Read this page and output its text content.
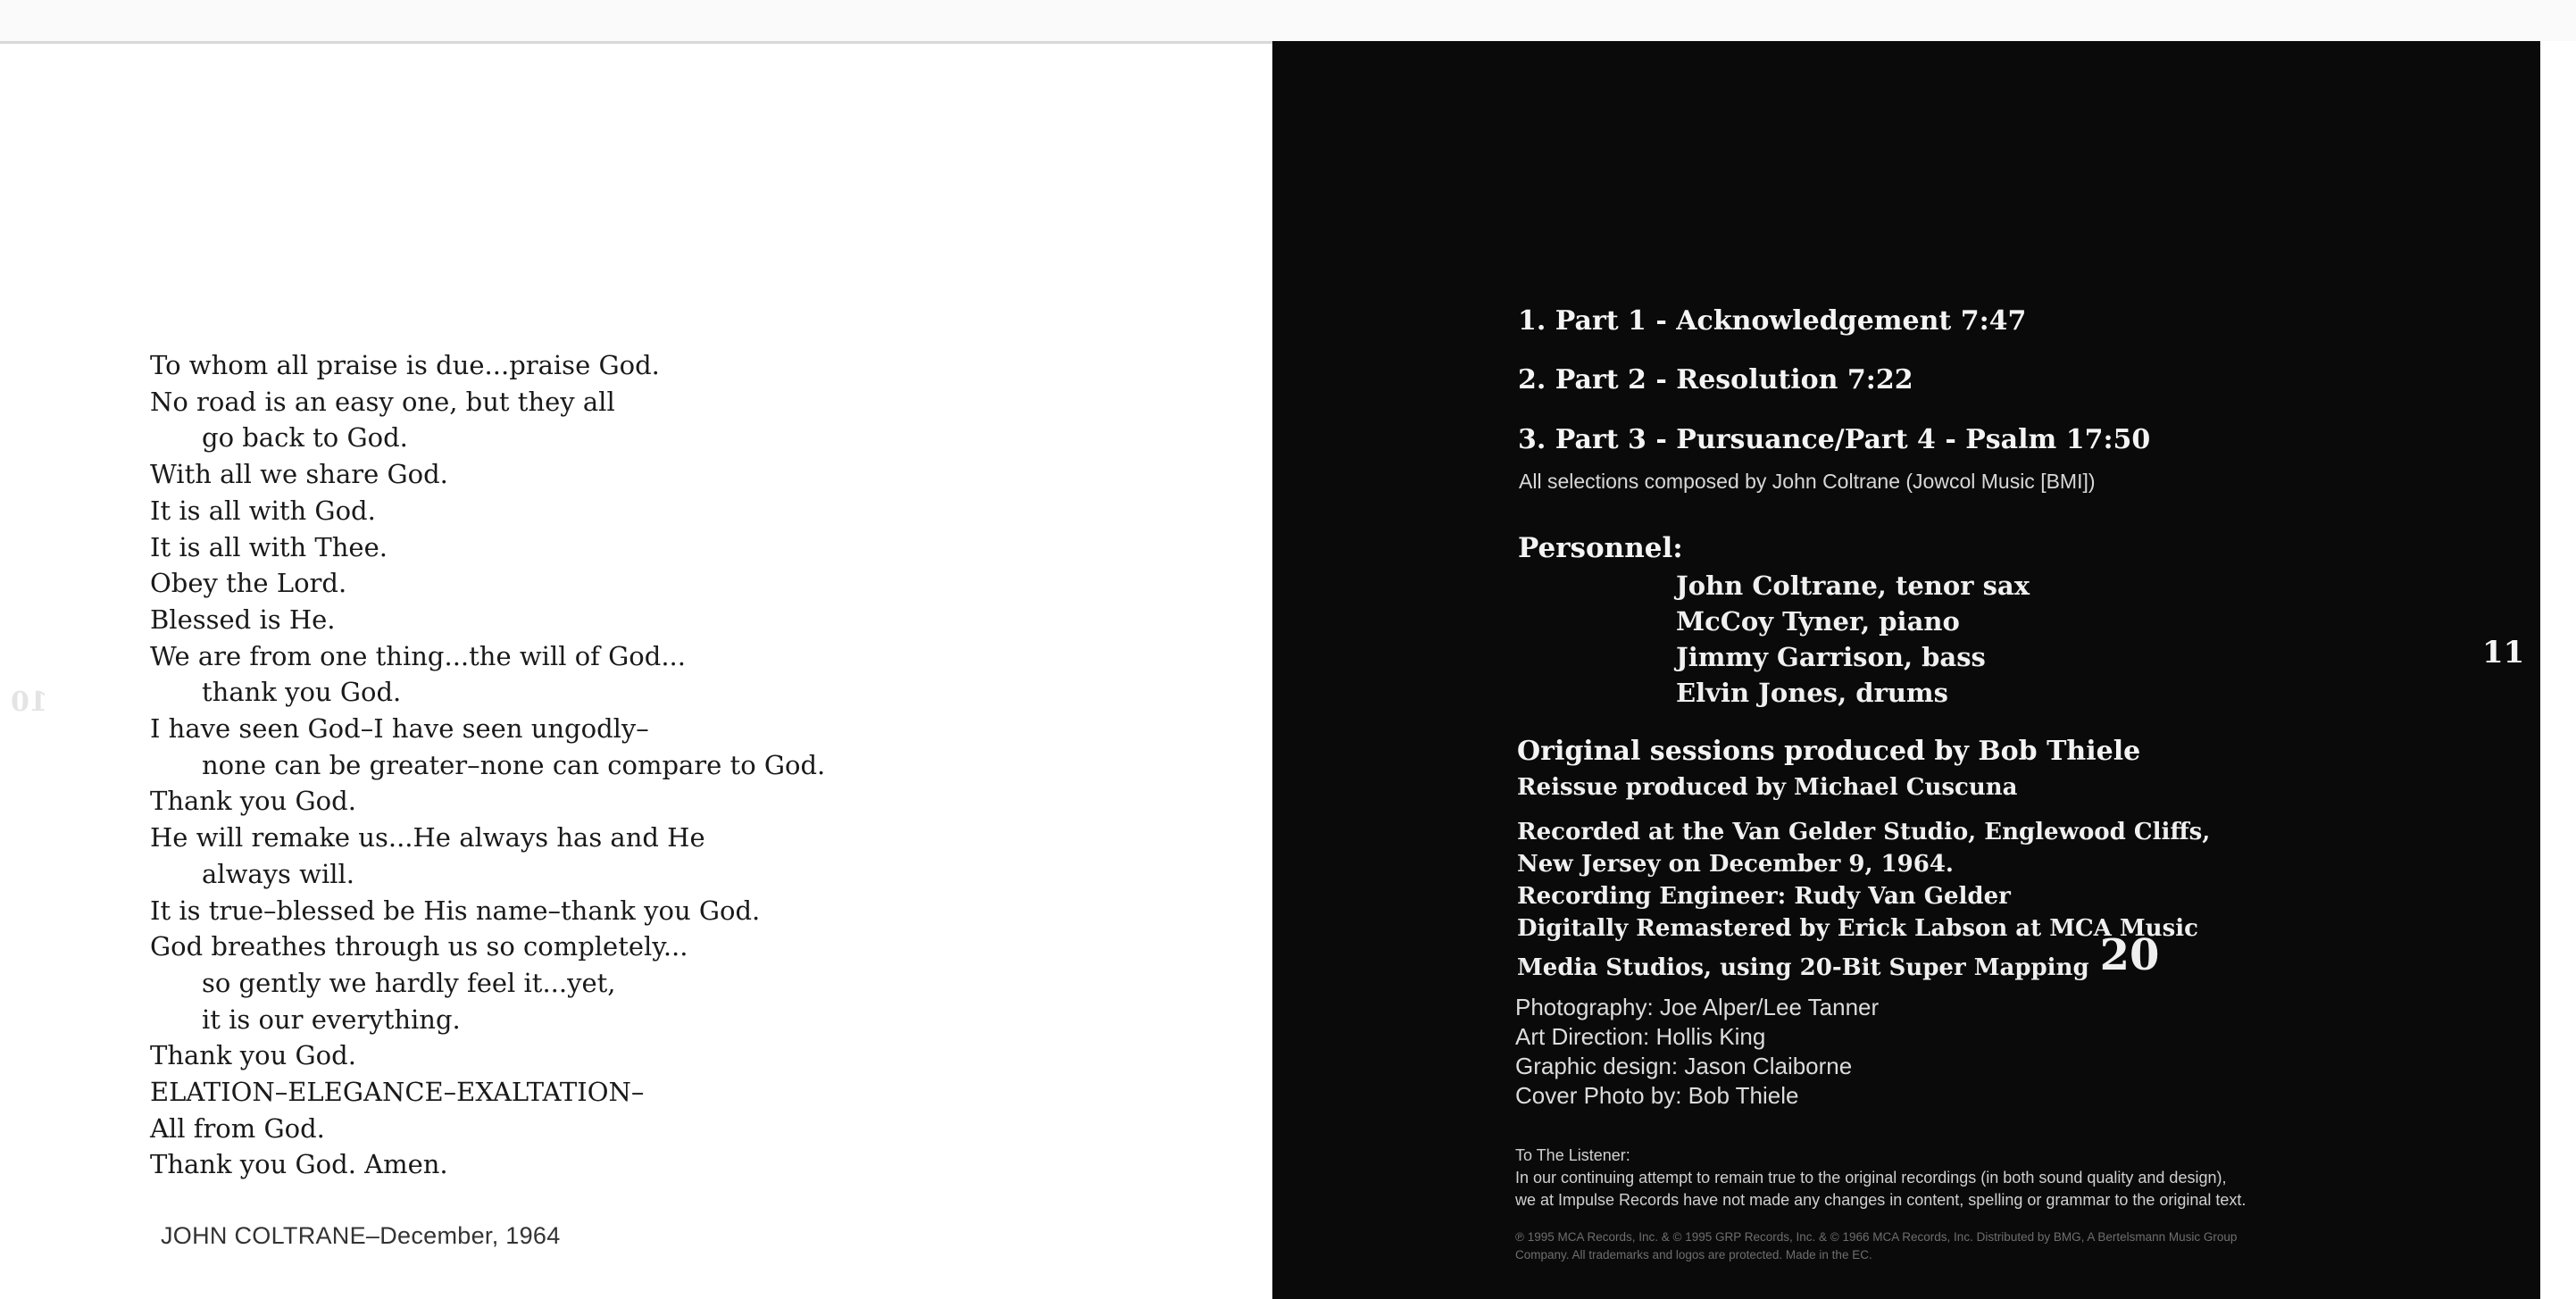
To whom all praise is due...praise God.
No road is an easy one, but they all
go back to God.
With all we share God.
It is all with God.
It is all with Thee.
Obey the Lord.
Blessed is He.
We are from one thing...the will of God...
thank you God.
I have seen God–I have seen ungodly–
none can be greater–none can compare to God.
Thank you God.
He will remake us...He always has and He
always will.
It is true–blessed be His name–thank you God.
God breathes through us so completely...
so gently we hardly feel it...yet,
it is our everything.
Thank you God.
ELATION–ELEGANCE–EXALTATION–
All from God.
Thank you God. Amen.
JOHN COLTRANE–December, 1964
10
1. Part 1 - Acknowledgement 7:47
2. Part 2 - Resolution 7:22
3. Part 3 - Pursuance/Part 4 - Psalm 17:50
All selections composed by John Coltrane (Jowcol Music [BMI])
Personnel:
John Coltrane, tenor sax
McCoy Tyner, piano
Jimmy Garrison, bass
Elvin Jones, drums
Original sessions produced by Bob Thiele
Reissue produced by Michael Cuscuna
Recorded at the Van Gelder Studio, Englewood Cliffs,
New Jersey on December 9, 1964.
Recording Engineer: Rudy Van Gelder
Digitally Remastered by Erick Labson at MCA Music
Media Studios, using 20-Bit Super Mapping 20
Photography: Joe Alper/Lee Tanner
Art Direction: Hollis King
Graphic design: Jason Claiborne
Cover Photo by: Bob Thiele
To The Listener:
In our continuing attempt to remain true to the original recordings (in both sound quality and design),
we at Impulse Records have not made any changes in content, spelling or grammar to the original text.
℗ 1995 MCA Records, Inc. & © 1995 GRP Records, Inc. & © 1966 MCA Records, Inc. Distributed by BMG, A Bertelsmann Music Group
Company. All trademarks and logos are protected. Made in the EC.
11
